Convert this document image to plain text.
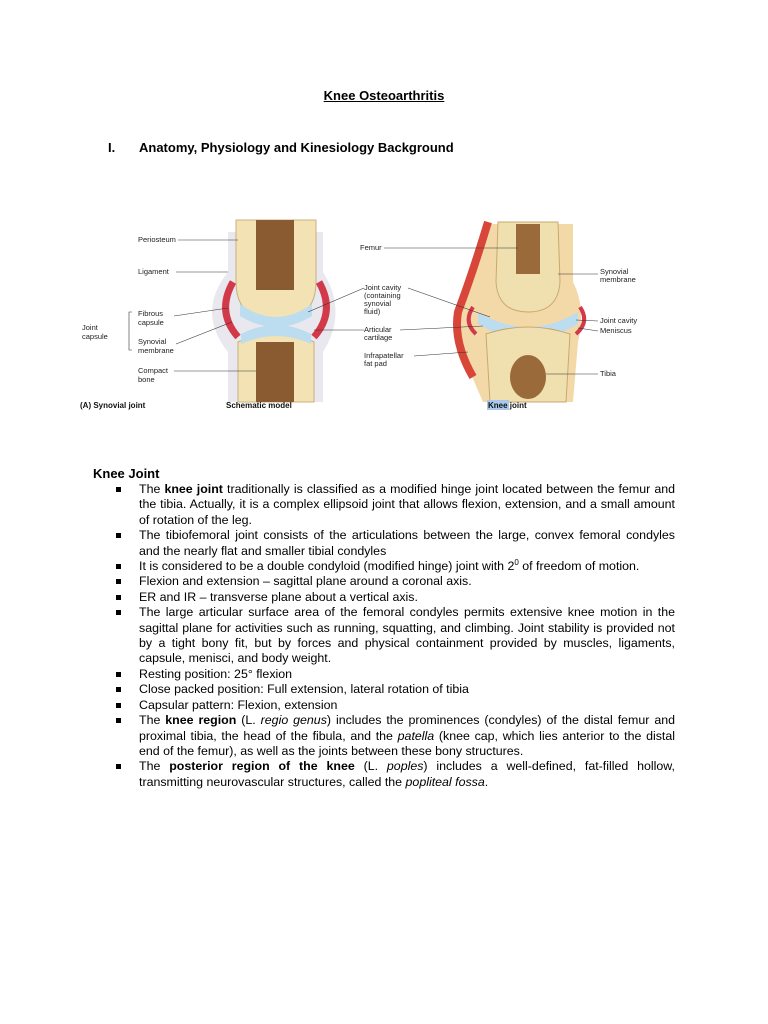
Knee Osteoarthritis
I. Anatomy, Physiology and Kinesiology Background
Periosteum
Ligament
Fibrous
capsule
Joint
capsule
Synovial
membrane
Compact
bone
Femur
Joint cavity
(containing
synovial
fluid)
Articular
cartilage
Infrapatellar
fat pad
Synovial
membrane
Joint cavity
Meniscus
Tibia
(A) Synovial joint	Schematic model	Knee joint
Knee Joint
The knee joint traditionally is classified as a modified hinge joint located between the femur and the tibia. Actually, it is a complex ellipsoid joint that allows flexion, extension, and a small amount of rotation of the leg.
The tibiofemoral joint consists of the articulations between the large, convex femoral condyles and the nearly flat and smaller tibial condyles
It is considered to be a double condyloid (modified hinge) joint with $2^0$ of freedom of motion.
Flexion and extension – sagittal plane around a coronal axis.
ER and IR – transverse plane about a vertical axis.
The large articular surface area of the femoral condyles permits extensive knee motion in the sagittal plane for activities such as running, squatting, and climbing. Joint stability is provided not by a tight bony fit, but by forces and physical containment provided by muscles, ligaments, capsule, menisci, and body weight.
Resting position: 25° flexion
Close packed position: Full extension, lateral rotation of tibia
Capsular pattern: Flexion, extension
The knee region (L. regio genus) includes the prominences (condyles) of the distal femur and proximal tibia, the head of the fibula, and the patella (knee cap, which lies anterior to the distal end of the femur), as well as the joints between these bony structures.
The posterior region of the knee (L. poples) includes a well-defined, fat-filled hollow, transmitting neurovascular structures, called the popliteal fossa.
